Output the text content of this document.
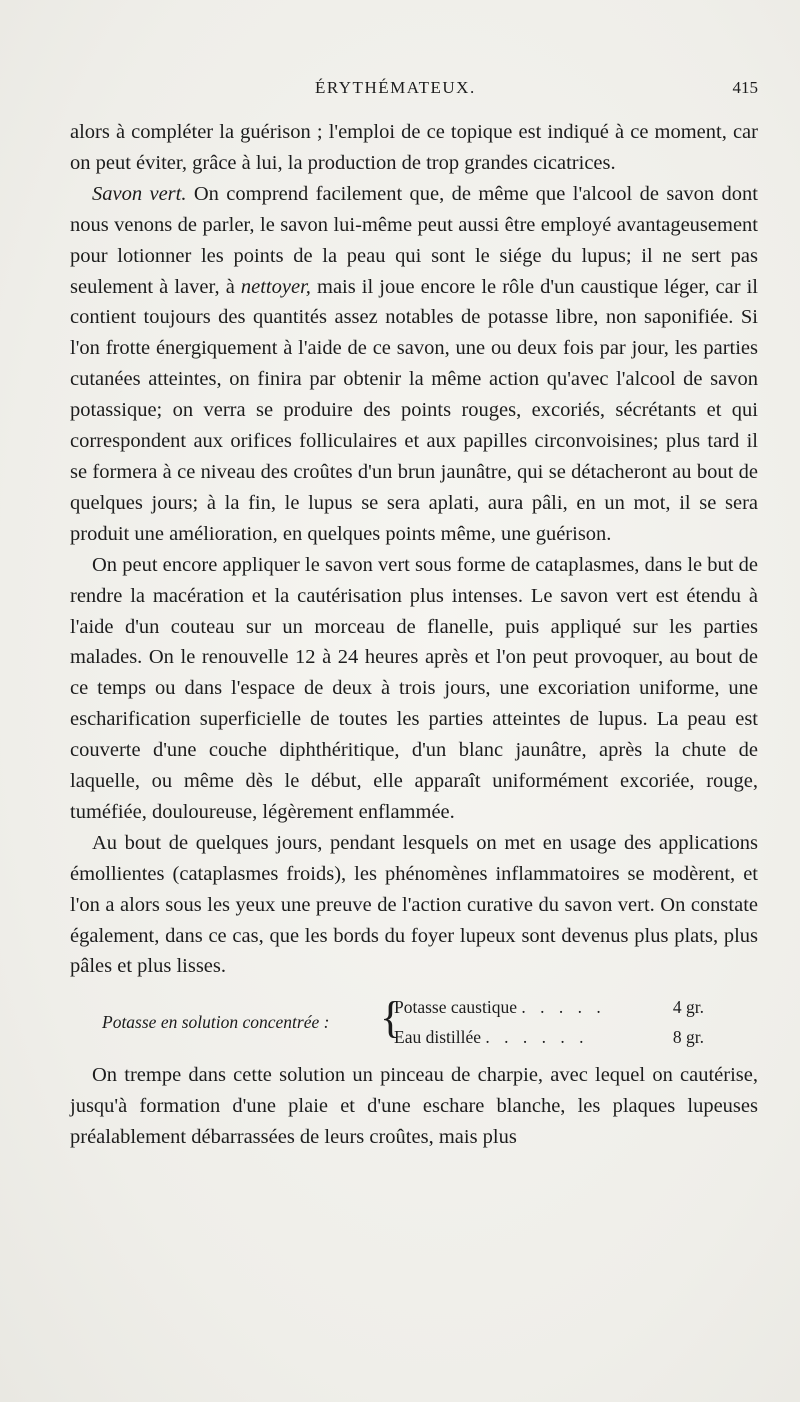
ÉRYTHÉMATEUX.	415

alors à compléter la guérison ; l'emploi de ce topique est indiqué à ce moment, car on peut éviter, grâce à lui, la production de trop grandes cicatrices.

Savon vert. On comprend facilement que, de même que l'alcool de savon dont nous venons de parler, le savon lui-même peut aussi être employé avantageusement pour lotionner les points de la peau qui sont le siége du lupus; il ne sert pas seulement à laver, à nettoyer, mais il joue encore le rôle d'un caustique léger, car il contient toujours des quantités assez notables de potasse libre, non saponifiée. Si l'on frotte énergiquement à l'aide de ce savon, une ou deux fois par jour, les parties cutanées atteintes, on finira par obtenir la même action qu'avec l'alcool de savon potassique; on verra se produire des points rouges, excoriés, sécrétants et qui correspondent aux orifices folliculaires et aux papilles circonvoisines; plus tard il se formera à ce niveau des croûtes d'un brun jaunâtre, qui se détacheront au bout de quelques jours; à la fin, le lupus se sera aplati, aura pâli, en un mot, il se sera produit une amélioration, en quelques points même, une guérison.

On peut encore appliquer le savon vert sous forme de cataplasmes, dans le but de rendre la macération et la cautérisation plus intenses. Le savon vert est étendu à l'aide d'un couteau sur un morceau de flanelle, puis appliqué sur les parties malades. On le renouvelle 12 à 24 heures après et l'on peut provoquer, au bout de ce temps ou dans l'espace de deux à trois jours, une excoriation uniforme, une escharification superficielle de toutes les parties atteintes de lupus. La peau est couverte d'une couche diphthéritique, d'un blanc jaunâtre, après la chute de laquelle, ou même dès le début, elle apparaît uniformément excoriée, rouge, tuméfiée, douloureuse, légèrement enflammée.

Au bout de quelques jours, pendant lesquels on met en usage des applications émollientes (cataplasmes froids), les phénomènes inflammatoires se modèrent, et l'on a alors sous les yeux une preuve de l'action curative du savon vert. On constate également, dans ce cas, que les bords du foyer lupeux sont devenus plus plats, plus pâles et plus lisses.

Potasse en solution concentrée : {
Potasse caustique . . . . .	4 gr.
Eau distillée . . . . . .	8 gr.

On trempe dans cette solution un pinceau de charpie, avec lequel on cautérise, jusqu'à formation d'une plaie et d'une eschare blanche, les plaques lupeuses préalablement débarrassées de leurs croûtes, mais plus
